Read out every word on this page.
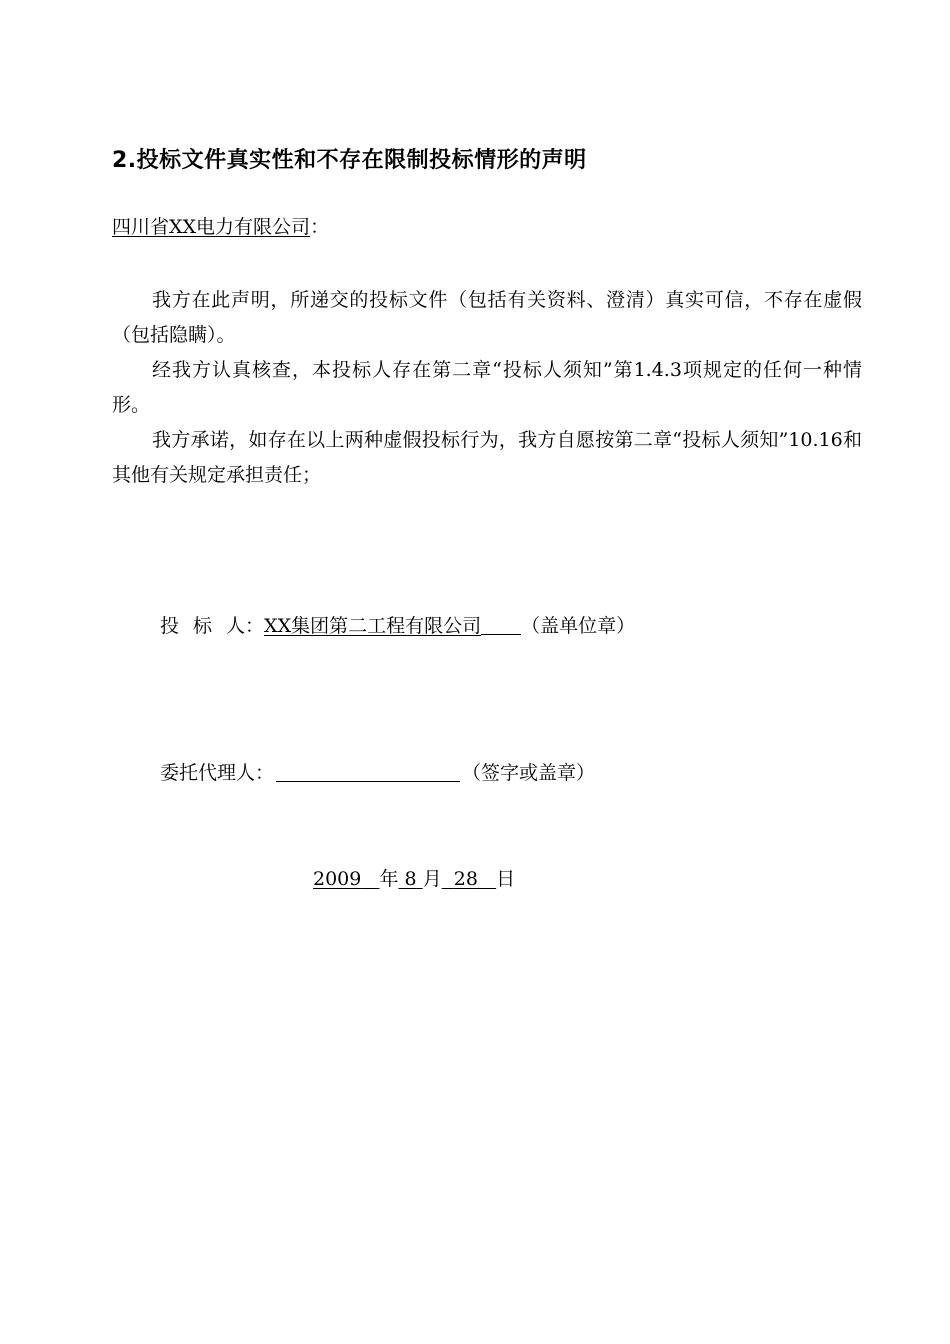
2.投标文件真实性和不存在限制投标情形的声明
四川省XX电力有限公司：

我方在此声明，所递交的投标文件（包括有关资料、澄清）真实可信，不存在虚假（包括隐瞒）。

经我方认真核查，本投标人存在第二章“投标人须知”第1.4.3项规定的任何一种情形。

我方承诺，如存在以上两种虚假投标行为，我方自愿按第二章“投标人须知”10.16和其他有关规定承担责任；

投 标 人：XX集团第二工程有限公司 （盖单位章）
委托代理人：	（签字或盖章）
2009 年 8 月 28 日
